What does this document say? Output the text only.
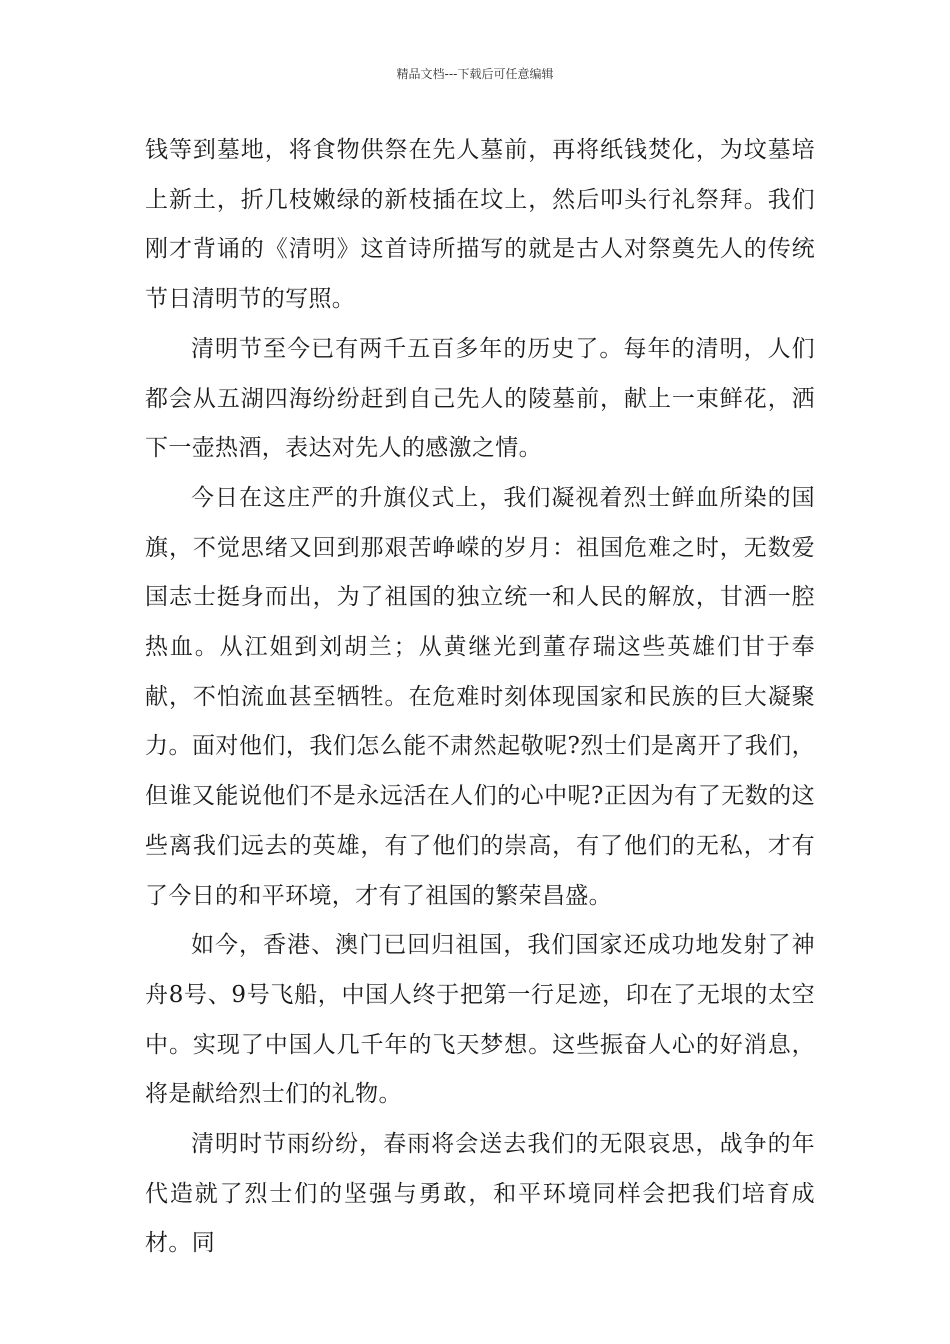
精品文档---下载后可任意编辑

钱等到墓地，将食物供祭在先人墓前，再将纸钱焚化，为坟墓培上新土，折几枝嫩绿的新枝插在坟上，然后叩头行礼祭拜。我们刚才背诵的《清明》这首诗所描写的就是古人对祭奠先人的传统节日清明节的写照。

清明节至今已有两千五百多年的历史了。每年的清明，人们都会从五湖四海纷纷赶到自己先人的陵墓前，献上一束鲜花，洒下一壶热酒，表达对先人的感激之情。

今日在这庄严的升旗仪式上，我们凝视着烈士鲜血所染的国旗，不觉思绪又回到那艰苦峥嵘的岁月：祖国危难之时，无数爱国志士挺身而出，为了祖国的独立统一和人民的解放，甘洒一腔热血。从江姐到刘胡兰；从黄继光到董存瑞这些英雄们甘于奉献，不怕流血甚至牺牲。在危难时刻体现国家和民族的巨大凝聚力。面对他们，我们怎么能不肃然起敬呢?烈士们是离开了我们，但谁又能说他们不是永远活在人们的心中呢?正因为有了无数的这些离我们远去的英雄，有了他们的崇高，有了他们的无私，才有了今日的和平环境，才有了祖国的繁荣昌盛。

如今，香港、澳门已回归祖国，我们国家还成功地发射了神舟8号、9号飞船，中国人终于把第一行足迹，印在了无垠的太空中。实现了中国人几千年的飞天梦想。这些振奋人心的好消息，将是献给烈士们的礼物。

清明时节雨纷纷，春雨将会送去我们的无限哀思，战争的年代造就了烈士们的坚强与勇敢，和平环境同样会把我们培育成材。同
